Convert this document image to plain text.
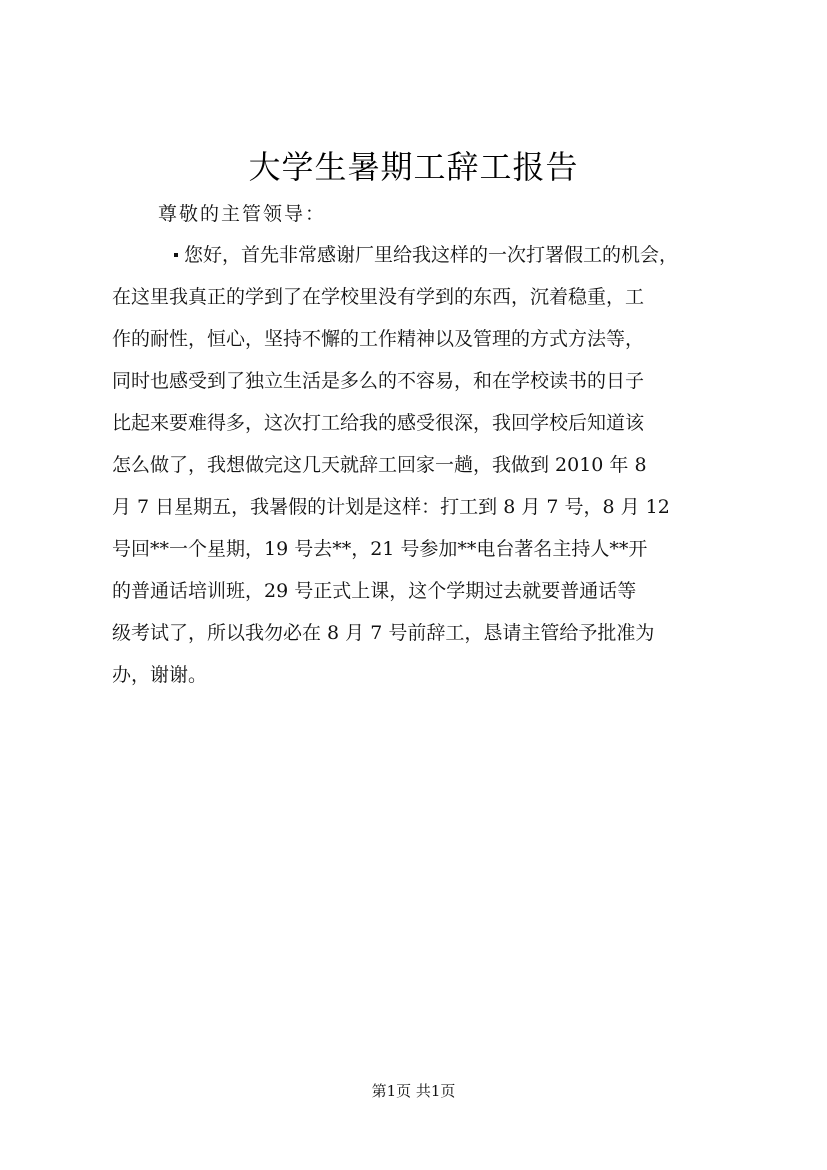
大学生暑期工辞工报告

尊敬的主管领导：

您好，首先非常感谢厂里给我这样的一次打署假工的机会，
在这里我真正的学到了在学校里没有学到的东西，沉着稳重，工
作的耐性，恒心，坚持不懈的工作精神以及管理的方式方法等，
同时也感受到了独立生活是多么的不容易，和在学校读书的日子
比起来要难得多，这次打工给我的感受很深，我回学校后知道该
怎么做了，我想做完这几天就辞工回家一趟，我做到 2010 年 8
月 7 日星期五，我暑假的计划是这样：打工到 8 月 7 号，8 月 12
号回**一个星期，19 号去**，21 号参加**电台著名主持人**开
的普通话培训班，29 号正式上课，这个学期过去就要普通话等
级考试了，所以我勿必在 8 月 7 号前辞工，恳请主管给予批准为
办，谢谢。
第1页 共1页
